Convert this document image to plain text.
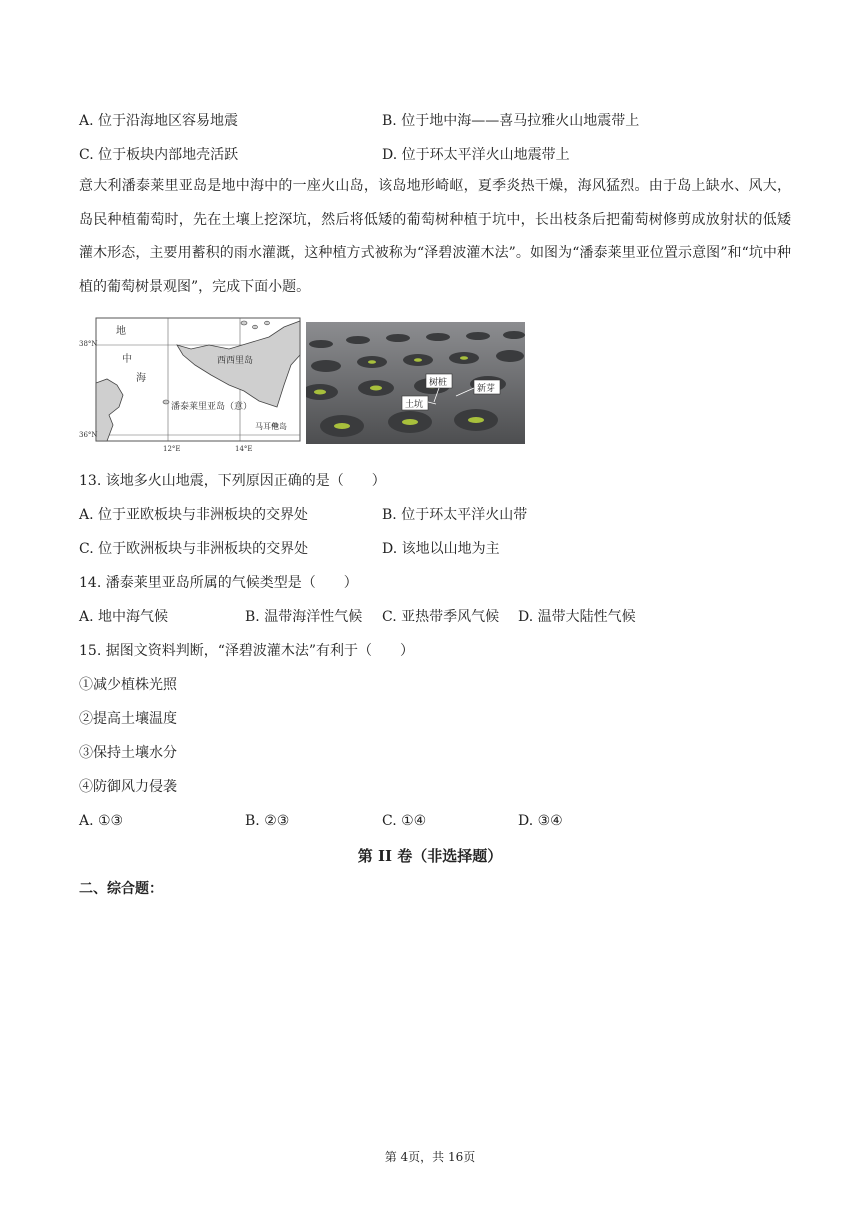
A. 位于沿海地区容易地震	B. 位于地中海——喜马拉雅火山地震带上
C. 位于板块内部地壳活跃	D. 位于环太平洋火山地震带上
意大利潘泰莱里亚岛是地中海中的一座火山岛，该岛地形崎岖，夏季炎热干燥，海风猛烈。由于岛上缺水、风大，岛民种植葡萄时，先在土壤上挖深坑，然后将低矮的葡萄树种植于坑中，长出枝条后把葡萄树修剪成放射状的低矮灌木形态，主要用蓄积的雨水灌溉，这种植方式被称为“泽碧波灌木法”。如图为“潘泰莱里亚位置示意图”和“坑中种植的葡萄树景观图”，完成下面小题。
38°N
36°N
12°E	14°E
地
中
海
西西里岛
潘泰莱里亚岛（意）
马耳他岛
树桩
新芽
土坑
13. 该地多火山地震，下列原因正确的是（　　）
A. 位于亚欧板块与非洲板块的交界处	B. 位于环太平洋火山带
C. 位于欧洲板块与非洲板块的交界处	D. 该地以山地为主
14. 潘泰莱里亚岛所属的气候类型是（　　）
A. 地中海气候	B. 温带海洋性气候 C. 亚热带季风气候 D. 温带大陆性气候
15. 据图文资料判断，“泽碧波灌木法”有利于（　　）
①减少植株光照
②提高土壤温度
③保持土壤水分
④防御风力侵袭
A. ①③	B. ②③	C. ①④	D. ③④
第 II 卷（非选择题）
二、综合题：
第 4页，共 16页
